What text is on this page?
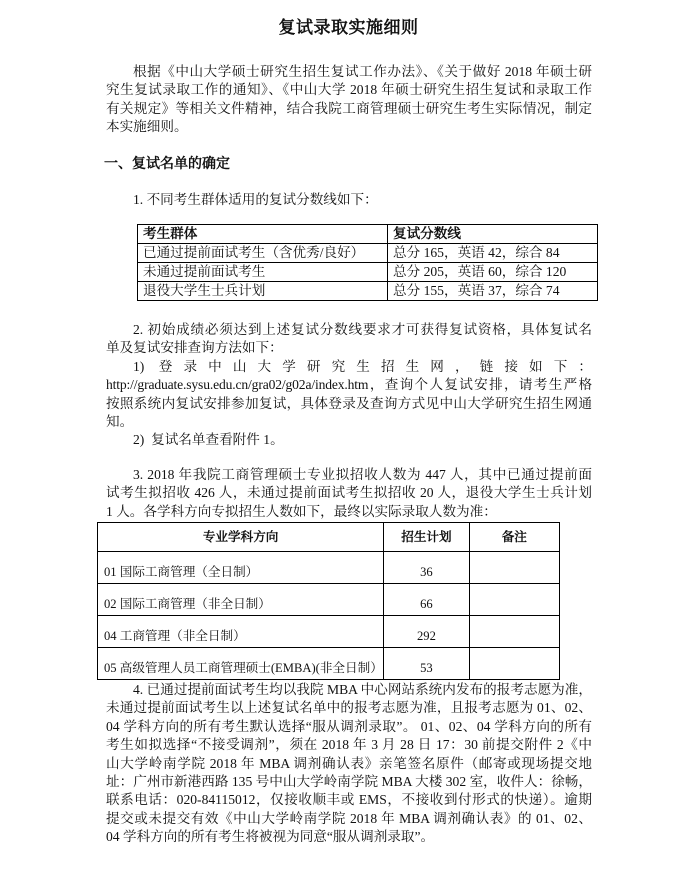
复试录取实施细则
根据《中山大学硕士研究生招生复试工作办法》、《关于做好 2018 年硕士研
究生复试录取工作的通知》、《中山大学 2018 年硕士研究生招生复试和录取工作
有关规定》等相关文件精神，结合我院工商管理硕士研究生考生实际情况，制定
本实施细则。
一、复试名单的确定
1. 不同考生群体适用的复试分数线如下：
考生群体	复试分数线
已通过提前面试考生（含优秀/良好）	总分 165，英语 42，综合 84
未通过提前面试考生	总分 205，英语 60，综合 120
退役大学生士兵计划	总分 155，英语 37，综合 74
2. 初始成绩必须达到上述复试分数线要求才可获得复试资格，具体复试名
单及复试安排查询方法如下：
1) 登录中山大学研究生招生网，链接如下：
http://graduate.sysu.edu.cn/gra02/g02a/index.htm，查询个人复试安排，请考生严格
按照系统内复试安排参加复试，具体登录及查询方式见中山大学研究生招生网通
知。
2)  复试名单查看附件 1。
3. 2018 年我院工商管理硕士专业拟招收人数为 447 人，其中已通过提前面
试考生拟招收 426 人，未通过提前面试考生拟招收 20 人，退役大学生士兵计划
1 人。各学科方向专拟招生人数如下，最终以实际录取人数为准：
专业学科方向	招生计划	备注
01 国际工商管理（全日制）	36	
02 国际工商管理（非全日制）	66	
04 工商管理（非全日制）	292	
05 高级管理人员工商管理硕士(EMBA)(非全日制）	53	
4. 已通过提前面试考生均以我院 MBA 中心网站系统内发布的报考志愿为准，
未通过提前面试考生以上述复试名单中的报考志愿为准，且报考志愿为 01、02、
04 学科方向的所有考生默认选择“服从调剂录取”。 01、02、04 学科方向的所有
考生如拟选择“不接受调剂”，须在 2018 年 3 月 28 日 17：30 前提交附件 2《中
山大学岭南学院 2018 年 MBA 调剂确认表》亲笔签名原件（邮寄或现场提交地
址：广州市新港西路 135 号中山大学岭南学院 MBA 大楼 302 室，收件人：徐畅，
联系电话：020-84115012，仅接收顺丰或 EMS，不接收到付形式的快递）。逾期
提交或未提交有效《中山大学岭南学院 2018 年 MBA 调剂确认表》的 01、02、
04 学科方向的所有考生将被视为同意“服从调剂录取”。
